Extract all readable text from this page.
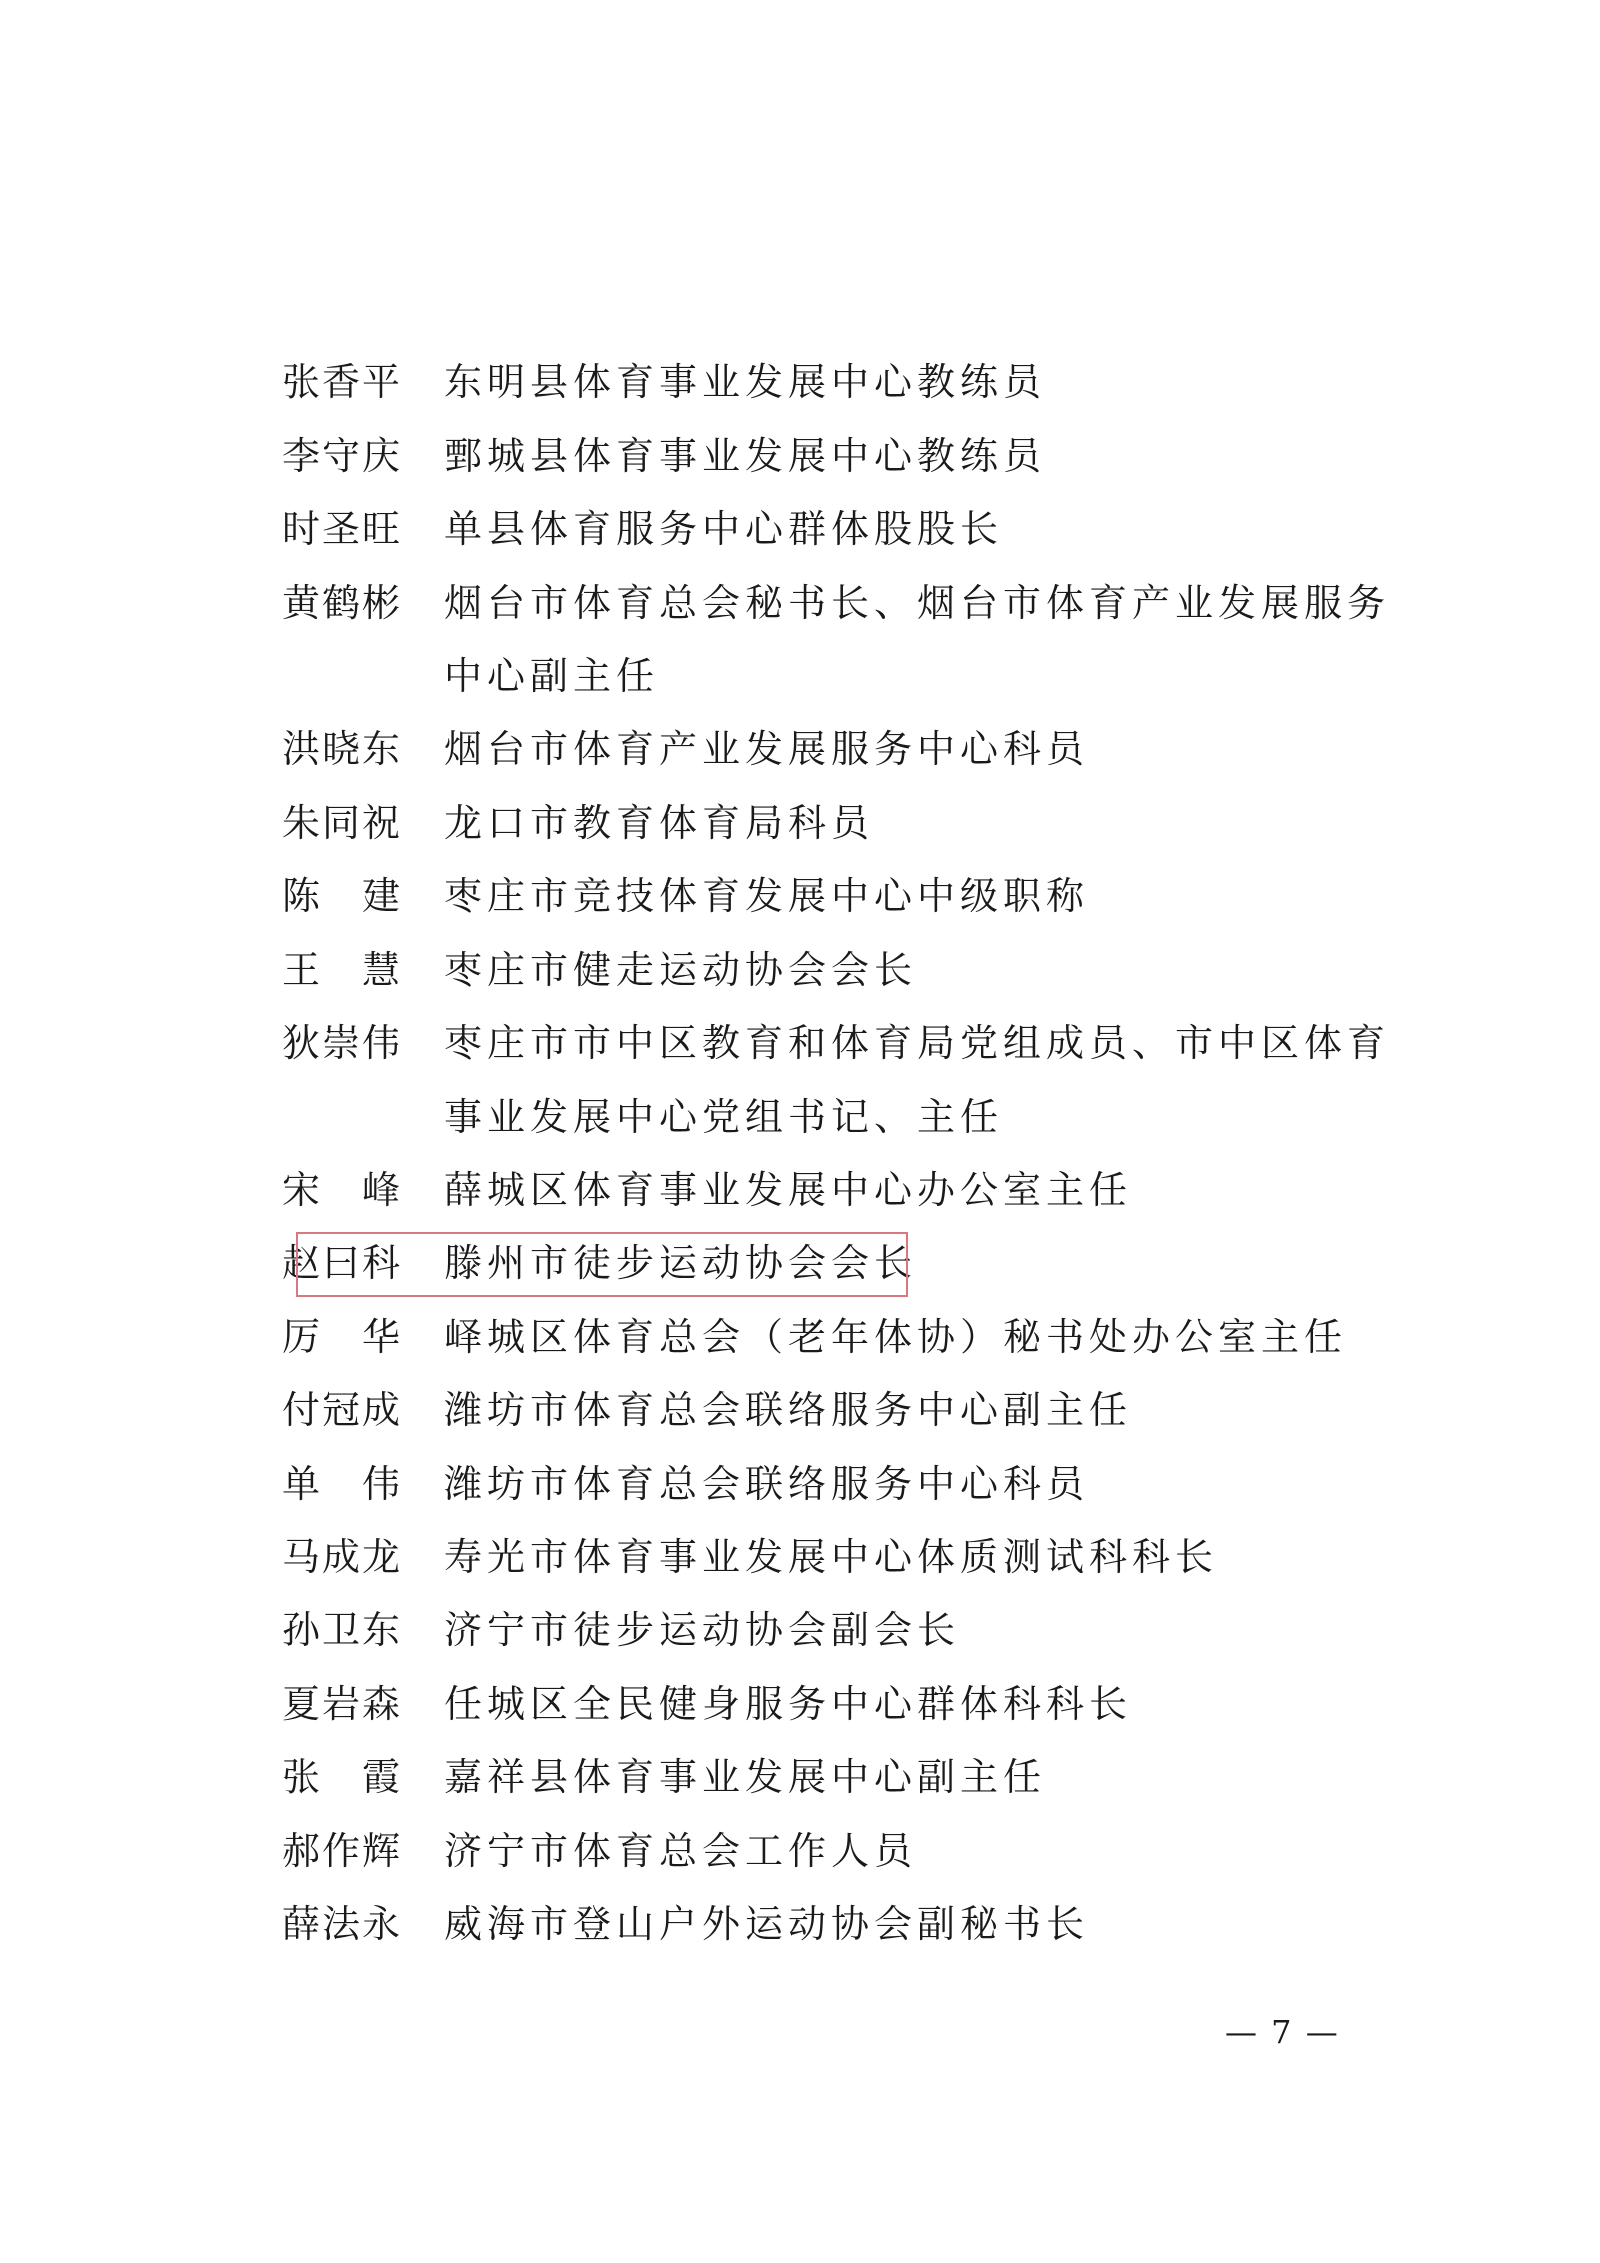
张香平 东明县体育事业发展中心教练员
李守庆 鄄城县体育事业发展中心教练员
时圣旺 单县体育服务中心群体股股长
黄鹤彬 烟台市体育总会秘书长、烟台市体育产业发展服务
中心副主任
洪晓东 烟台市体育产业发展服务中心科员
朱同祝 龙口市教育体育局科员
陈建 枣庄市竞技体育发展中心中级职称
王慧 枣庄市健走运动协会会长
狄崇伟 枣庄市市中区教育和体育局党组成员、市中区体育
事业发展中心党组书记、主任
宋峰 薛城区体育事业发展中心办公室主任
赵曰科 滕州市徒步运动协会会长
厉华 峄城区体育总会（老年体协）秘书处办公室主任
付冠成 潍坊市体育总会联络服务中心副主任
单伟 潍坊市体育总会联络服务中心科员
马成龙 寿光市体育事业发展中心体质测试科科长
孙卫东 济宁市徒步运动协会副会长
夏岩森 任城区全民健身服务中心群体科科长
张霞 嘉祥县体育事业发展中心副主任
郝作辉 济宁市体育总会工作人员
薛法永 威海市登山户外运动协会副秘书长
— 7 —
